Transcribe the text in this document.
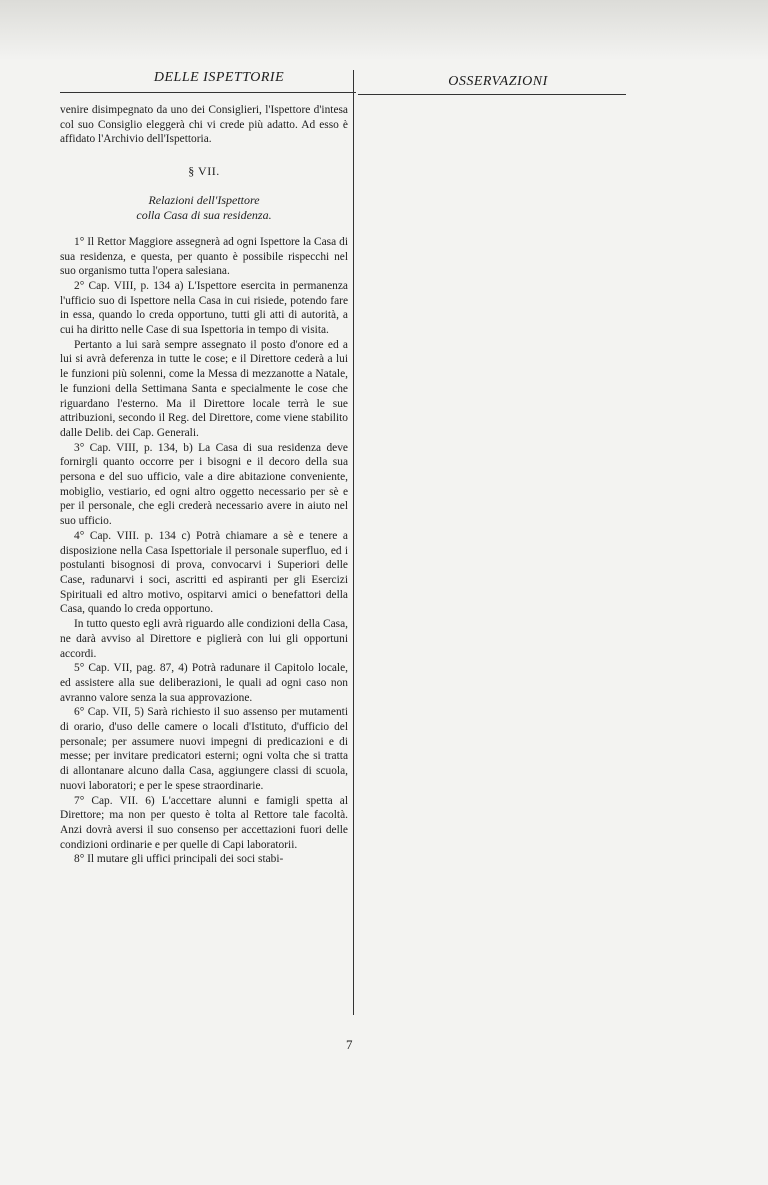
DELLE ISPETTORIE	OSSERVAZIONI

venire disimpegnato da uno dei Consiglieri, l'Ispettore d'intesa col suo Consiglio eleggerà chi vi crede più adatto. Ad esso è affidato l'Archivio dell'Ispettoria.

§ VII.
Relazioni dell'Ispettore
colla Casa di sua residenza.

1° Il Rettor Maggiore assegnerà ad ogni Ispettore la Casa di sua residenza, e questa, per quanto è possibile rispecchi nel suo organismo tutta l'opera salesiana.

2° Cap. VIII, p. 134 a) L'Ispettore esercita in permanenza l'ufficio suo di Ispettore nella Casa in cui risiede, potendo fare in essa, quando lo creda opportuno, tutti gli atti di autorità, a cui ha diritto nelle Case di sua Ispettoria in tempo di visita.

Pertanto a lui sarà sempre assegnato il posto d'onore ed a lui si avrà deferenza in tutte le cose; e il Direttore cederà a lui le funzioni più solenni, come la Messa di mezzanotte a Natale, le funzioni della Settimana Santa e specialmente le cose che riguardano l'esterno. Ma il Direttore locale terrà le sue attribuzioni, secondo il Reg. del Direttore, come viene stabilito dalle Delib. dei Cap. Generali.

3° Cap. VIII, p. 134, b) La Casa di sua residenza deve fornirgli quanto occorre per i bisogni e il decoro della sua persona e del suo ufficio, vale a dire abitazione conveniente, mobiglio, vestiario, ed ogni altro oggetto necessario per sè e per il personale, che egli crederà necessario avere in aiuto nel suo ufficio.

4° Cap. VIII. p. 134 c) Potrà chiamare a sè e tenere a disposizione nella Casa Ispettoriale il personale superfluo, ed i postulanti bisognosi di prova, convocarvi i Superiori delle Case, radunarvi i soci, ascritti ed aspiranti per gli Esercizi Spirituali ed altro motivo, ospitarvi amici o benefattori della Casa, quando lo creda opportuno.

In tutto questo egli avrà riguardo alle condizioni della Casa, ne darà avviso al Direttore e piglierà con lui gli opportuni accordi.

5° Cap. VII, pag. 87, 4) Potrà radunare il Capitolo locale, ed assistere alla sue deliberazioni, le quali ad ogni caso non avranno valore senza la sua approvazione.

6° Cap. VII, 5) Sarà richiesto il suo assenso per mutamenti di orario, d'uso delle camere o locali d'Istituto, d'ufficio del personale; per assumere nuovi impegni di predicazioni e di messe; per invitare predicatori esterni; ogni volta che si tratta di allontanare alcuno dalla Casa, aggiungere classi di scuola, nuovi laboratori; e per le spese straordinarie.

7° Cap. VII. 6) L'accettare alunni e famigli spetta al Direttore; ma non per questo è tolta al Rettore tale facoltà. Anzi dovrà aversi il suo consenso per accettazioni fuori delle condizioni ordinarie e per quelle di Capi laboratorii.

8° Il mutare gli uffici principali dei soci stabi-

7
